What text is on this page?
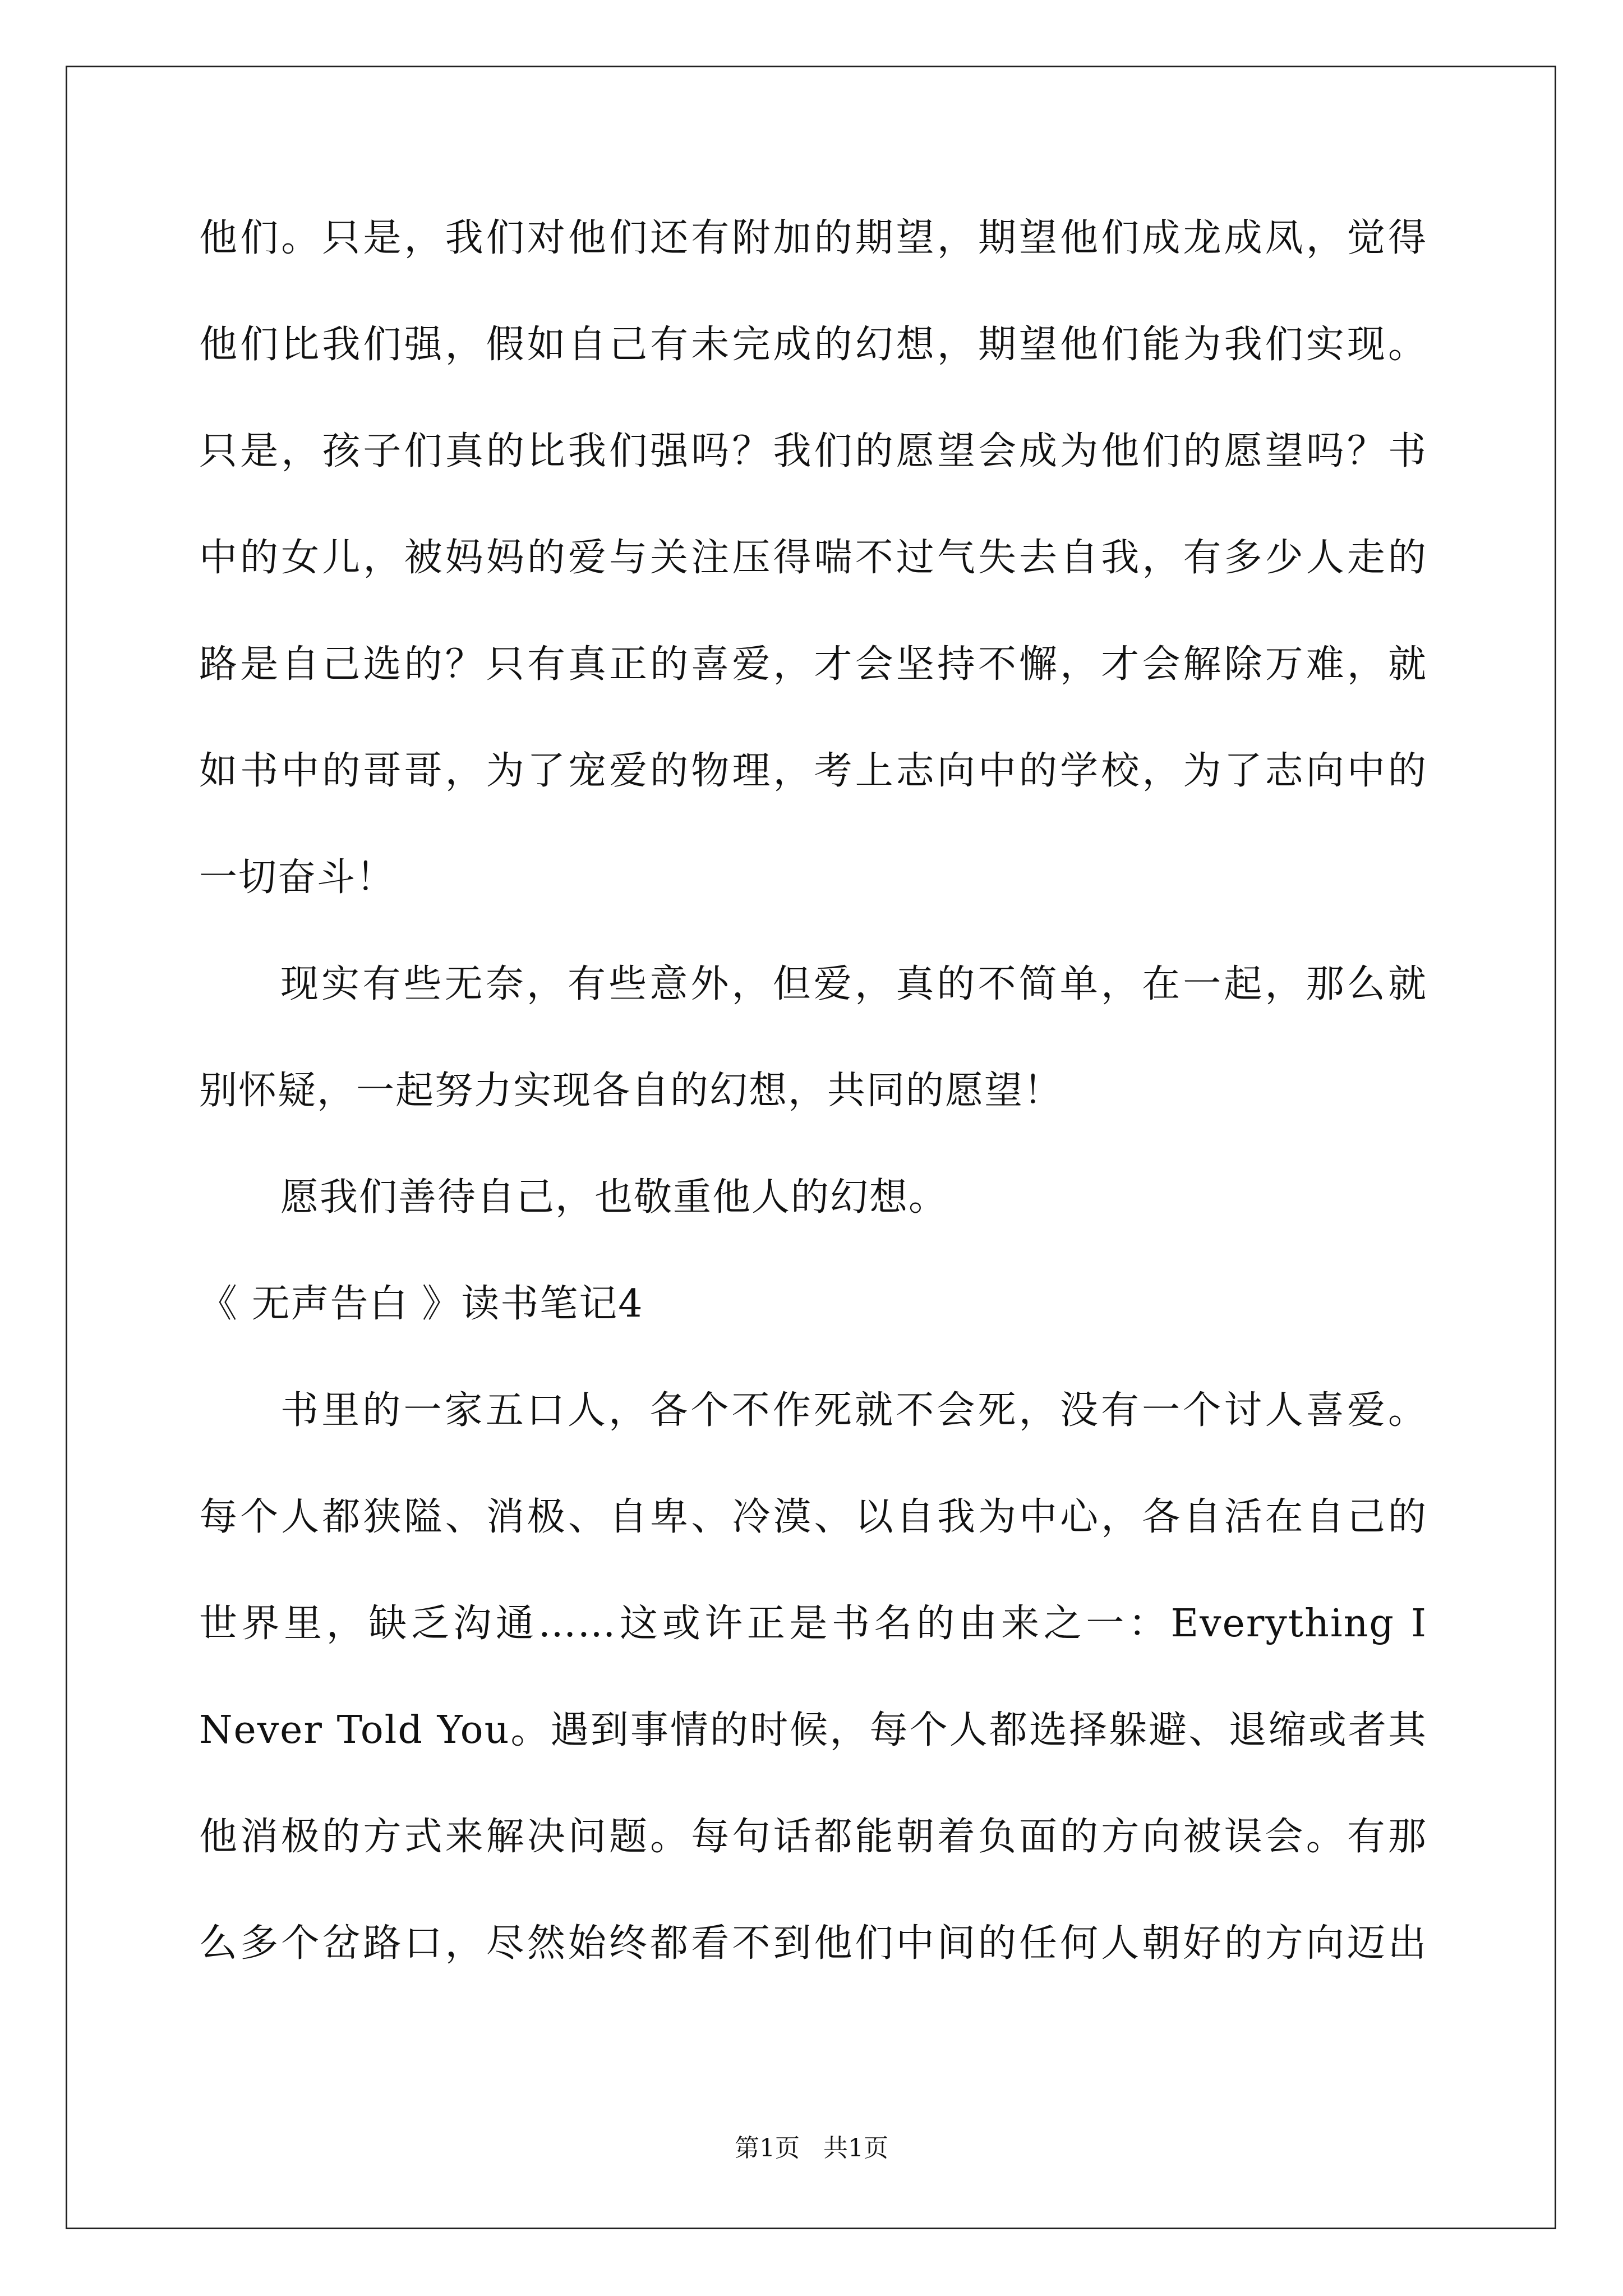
他们。只是，我们对他们还有附加的期望，期望他们成龙成凤，觉得
他们比我们强，假如自己有未完成的幻想，期望他们能为我们实现。
只是，孩子们真的比我们强吗？我们的愿望会成为他们的愿望吗？书
中的女儿，被妈妈的爱与关注压得喘不过气失去自我，有多少人走的
路是自己选的？只有真正的喜爱，才会坚持不懈，才会解除万难，就
如书中的哥哥，为了宠爱的物理，考上志向中的学校，为了志向中的
一切奋斗！
现实有些无奈，有些意外，但爱，真的不简单，在一起，那么就
别怀疑，一起努力实现各自的幻想，共同的愿望！
愿我们善待自己，也敬重他人的幻想。
《 无声告白 》读书笔记4
书里的一家五口人，各个不作死就不会死，没有一个讨人喜爱。
每个人都狭隘、消极、自卑、冷漠、以自我为中心，各自活在自己的
世界里，缺乏沟通……这或许正是书名的由来之一：Everything I
Never Told You。遇到事情的时候，每个人都选择躲避、退缩或者其
他消极的方式来解决问题。每句话都能朝着负面的方向被误会。有那
么多个岔路口，尽然始终都看不到他们中间的任何人朝好的方向迈出
第1页   共1页
